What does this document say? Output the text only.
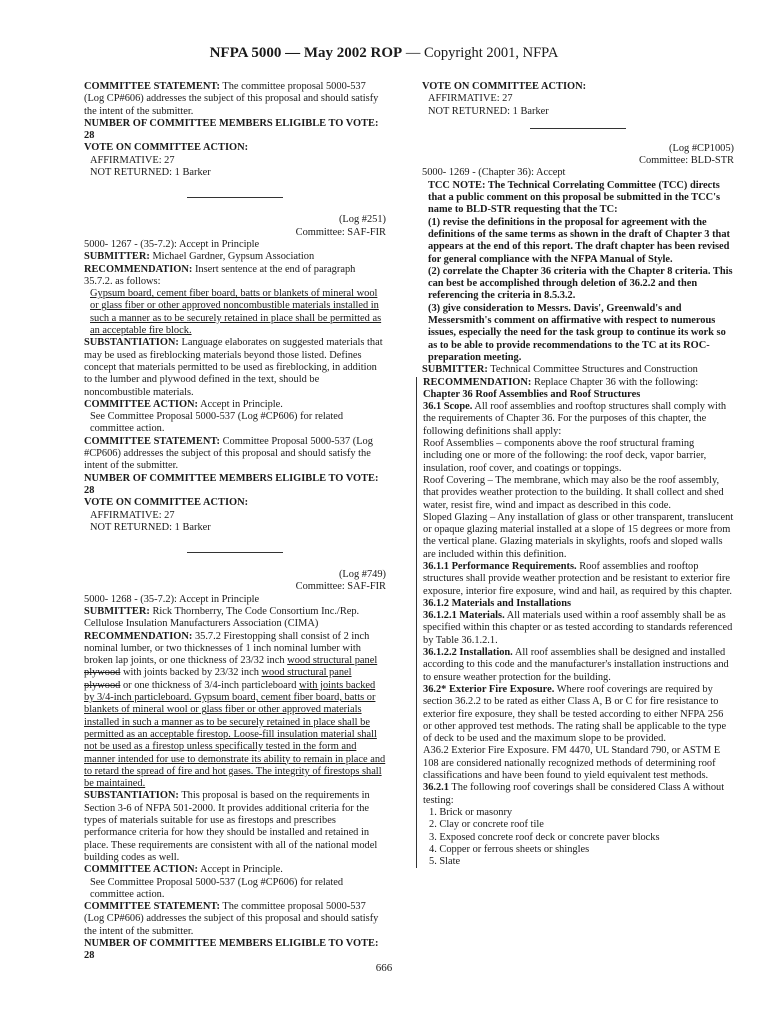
NFPA 5000 — May 2002 ROP — Copyright 2001, NFPA

COMMITTEE STATEMENT: The committee proposal 5000-537 (Log CP#606) addresses the subject of this proposal and should satisfy the intent of the submitter.

NUMBER OF COMMITTEE MEMBERS ELIGIBLE TO VOTE: 28

VOTE ON COMMITTEE ACTION:

AFFIRMATIVE: 27

NOT RETURNED: 1 Barker

(Log #251)

Committee: SAF-FIR

5000- 1267 - (35-7.2): Accept in Principle

SUBMITTER: Michael Gardner, Gypsum Association

RECOMMENDATION: Insert sentence at the end of paragraph 35.7.2. as follows:

Gypsum board, cement fiber board, batts or blankets of mineral wool or glass fiber or other approved noncombustible materials installed in such a manner as to be securely retained in place shall be permitted as an acceptable fire block.

SUBSTANTIATION: Language elaborates on suggested materials that may be used as fireblocking materials beyond those listed. Defines concept that materials permitted to be used as fireblocking, in addition to the lumber and plywood defined in the text, should be noncombustible materials.

COMMITTEE ACTION: Accept in Principle.

See Committee Proposal 5000-537 (Log #CP606) for related committee action.

COMMITTEE STATEMENT: Committee Proposal 5000-537 (Log #CP606) addresses the subject of this proposal and should satisfy the intent of the submitter.

NUMBER OF COMMITTEE MEMBERS ELIGIBLE TO VOTE: 28

VOTE ON COMMITTEE ACTION:

AFFIRMATIVE: 27

NOT RETURNED: 1 Barker

(Log #749)

Committee: SAF-FIR

5000- 1268 - (35-7.2): Accept in Principle

SUBMITTER: Rick Thornberry, The Code Consortium Inc./Rep. Cellulose Insulation Manufacturers Association (CIMA)

RECOMMENDATION: 35.7.2 Firestopping shall consist of 2 inch nominal lumber, or two thicknesses of 1 inch nominal lumber with broken lap joints, or one thickness of 23/32 inch wood structural panel plywood with joints backed by 23/32 inch wood structural panel plywood or one thickness of 3/4-inch particleboard with joints backed by 3/4-inch particleboard. Gypsum board, cement fiber board, batts or blankets of mineral wool or glass fiber or other approved materials installed in such a manner as to be securely retained in place shall be permitted as an acceptable firestop. Loose-fill insulation material shall not be used as a firestop unless specifically tested in the form and manner intended for use to demonstrate its ability to remain in place and to retard the spread of fire and hot gases. The integrity of firestops shall be maintained.

SUBSTANTIATION: This proposal is based on the requirements in Section 3-6 of NFPA 501-2000. It provides additional criteria for the types of materials suitable for use as firestops and prescribes performance criteria for how they should be installed and retained in place. These requirements are consistent with all of the national model building codes as well.

COMMITTEE ACTION: Accept in Principle.

See Committee Proposal 5000-537 (Log #CP606) for related committee action.

COMMITTEE STATEMENT: The committee proposal 5000-537 (Log CP#606) addresses the subject of this proposal and should satisfy the intent of the submitter.

NUMBER OF COMMITTEE MEMBERS ELIGIBLE TO VOTE: 28

VOTE ON COMMITTEE ACTION:

AFFIRMATIVE: 27

NOT RETURNED: 1 Barker

(Log #CP1005)

Committee: BLD-STR

5000- 1269 - (Chapter 36): Accept

TCC NOTE: The Technical Correlating Committee (TCC) directs that a public comment on this proposal be submitted in the TCC's name to BLD-STR requesting that the TC:

(1) revise the definitions in the proposal for agreement with the definitions of the same terms as shown in the draft of Chapter 3 that appears at the end of this report. The draft chapter has been revised for general compliance with the NFPA Manual of Style.

(2) correlate the Chapter 36 criteria with the Chapter 8 criteria. This can best be accomplished through deletion of 36.2.2 and then referencing the criteria in 8.5.3.2.

(3) give consideration to Messrs. Davis', Greenwald's and Messersmith's comment on affirmative with respect to numerous issues, especially the need for the task group to continue its work so as to be able to provide recommendations to the TC at its ROC-preparation meeting.

SUBMITTER: Technical Committee Structures and Construction

RECOMMENDATION: Replace Chapter 36 with the following:

Chapter 36 Roof Assemblies and Roof Structures

36.1 Scope. All roof assemblies and rooftop structures shall comply with the requirements of Chapter 36. For the purposes of this chapter, the following definitions shall apply:

Roof Assemblies – components above the roof structural framing including one or more of the following: the roof deck, vapor barrier, insulation, roof cover, and coatings or toppings.

Roof Covering – The membrane, which may also be the roof assembly, that provides weather protection to the building. It shall collect and shed water, resist fire, wind and impact as described in this code.

Sloped Glazing – Any installation of glass or other transparent, translucent or opaque glazing material installed at a slope of 15 degrees or more from the vertical plane. Glazing materials in skylights, roofs and sloped walls are included within this definition.

36.1.1 Performance Requirements. Roof assemblies and rooftop structures shall provide weather protection and be resistant to exterior fire exposure, interior fire exposure, wind and hail, as required by this chapter.

36.1.2 Materials and Installations

36.1.2.1 Materials. All materials used within a roof assembly shall be as specified within this chapter or as tested according to standards referenced by Table 36.1.2.1.

36.1.2.2 Installation. All roof assemblies shall be designed and installed according to this code and the manufacturer's installation instructions and to ensure weather protection for the building.

36.2* Exterior Fire Exposure. Where roof coverings are required by section 36.2.2 to be rated as either Class A, B or C for fire resistance to exterior fire exposure, they shall be tested according to either NFPA 256 or other approved test methods. The rating shall be applicable to the type of deck to be used and the maximum slope to be provided.

A36.2 Exterior Fire Exposure. FM 4470, UL Standard 790, or ASTM E 108 are considered nationally recognized methods of determining roof classifications and have been found to yield equivalent test methods.

36.2.1 The following roof coverings shall be considered Class A without testing:

1. Brick or masonry

2. Clay or concrete roof tile

3. Exposed concrete roof deck or concrete paver blocks

4. Copper or ferrous sheets or shingles

5. Slate

666
